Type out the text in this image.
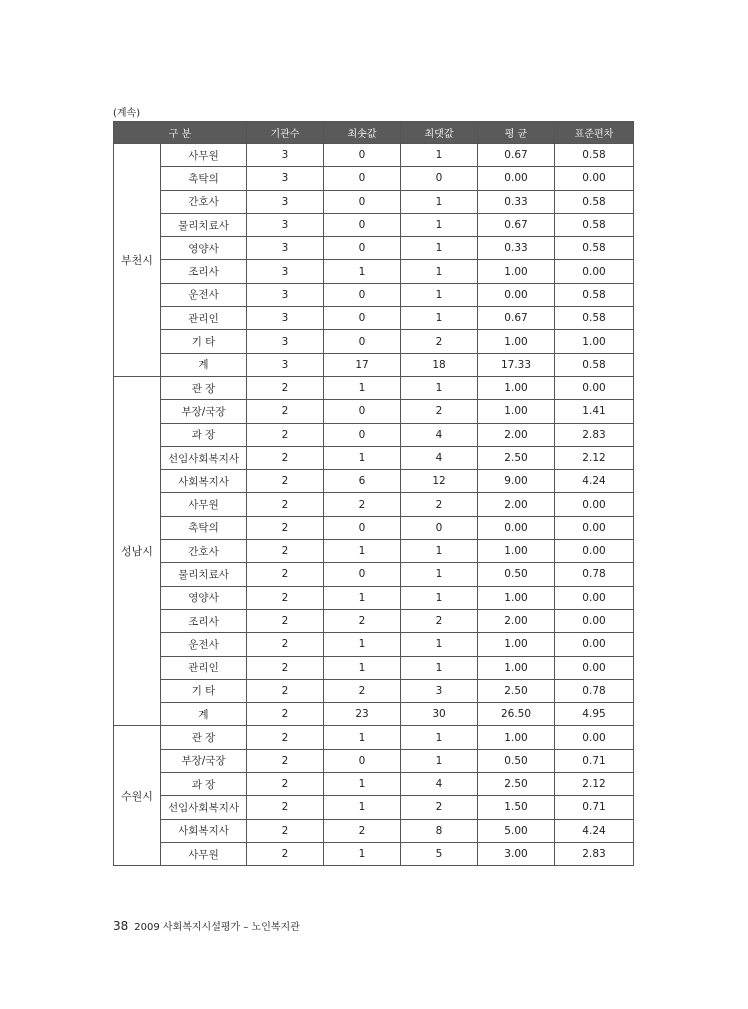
(계속)
구 분		기관수	최솟값	최댓값	평 균	표준편차
부천시	사무원	3	0	1	0.67	0.58
	촉탁의	3	0	0	0.00	0.00
	간호사	3	0	1	0.33	0.58
	물리치료사	3	0	1	0.67	0.58
	영양사	3	0	1	0.33	0.58
	조리사	3	1	1	1.00	0.00
	운전사	3	0	1	0.00	0.58
	관리인	3	0	1	0.67	0.58
	기 타	3	0	2	1.00	1.00
	계	3	17	18	17.33	0.58
성남시	관 장	2	1	1	1.00	0.00
	부장/국장	2	0	2	1.00	1.41
	과 장	2	0	4	2.00	2.83
	선임사회복지사	2	1	4	2.50	2.12
	사회복지사	2	6	12	9.00	4.24
	사무원	2	2	2	2.00	0.00
	촉탁의	2	0	0	0.00	0.00
	간호사	2	1	1	1.00	0.00
	물리치료사	2	0	1	0.50	0.78
	영양사	2	1	1	1.00	0.00
	조리사	2	2	2	2.00	0.00
	운전사	2	1	1	1.00	0.00
	관리인	2	1	1	1.00	0.00
	기 타	2	2	3	2.50	0.78
	계	2	23	30	26.50	4.95
수원시	관 장	2	1	1	1.00	0.00
	부장/국장	2	0	1	0.50	0.71
	과 장	2	1	4	2.50	2.12
	선임사회복지사	2	1	2	1.50	0.71
	사회복지사	2	2	8	5.00	4.24
	사무원	2	1	5	3.00	2.83
38 2009 사회복지시설평가 – 노인복지관
